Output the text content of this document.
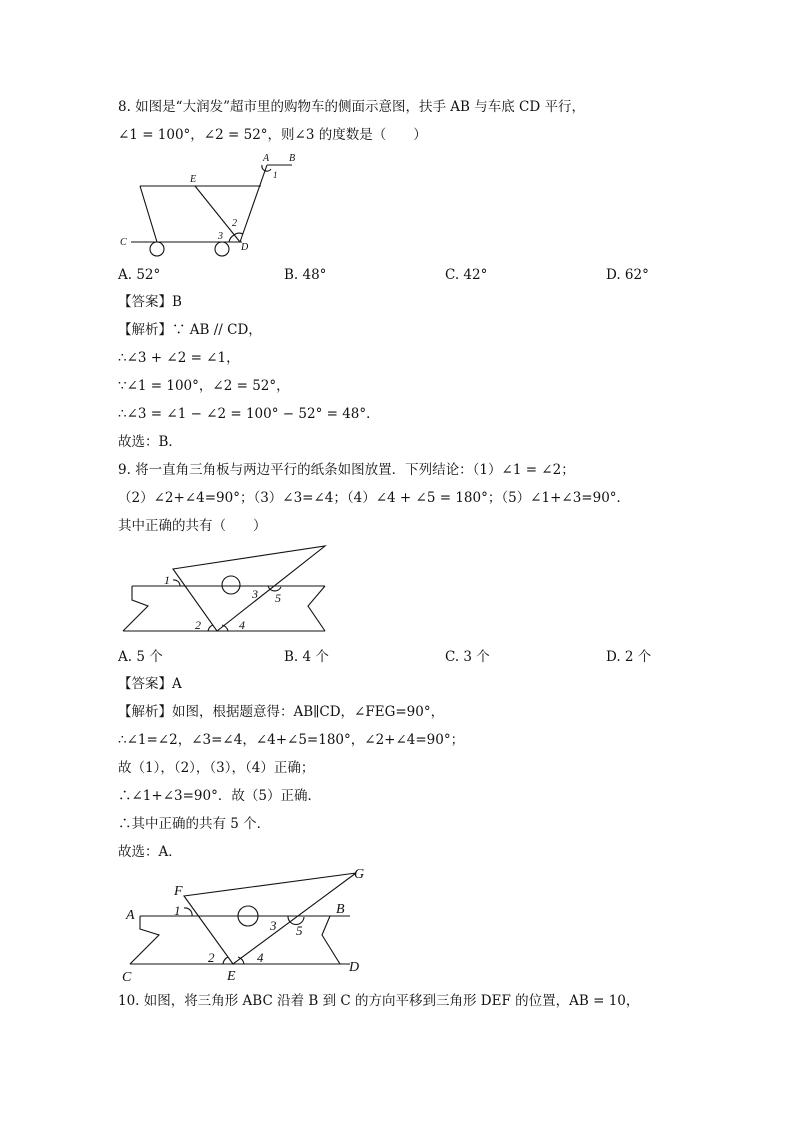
8. 如图是“大润发”超市里的购物车的侧面示意图，扶手 AB 与车底 CD 平行，
∠1 = 100°，∠2 = 52°，则∠3 的度数是（　　）
A B
1
E
2
3
C	D
A. 52°	B. 48°	C. 42°	D. 62°
【答案】B
【解析】∵ AB // CD，
∴∠3 + ∠2 = ∠1，
∵∠1 = 100°，∠2 = 52°，
∴∠3 = ∠1 − ∠2 = 100° − 52° = 48°．
故选：B．
9. 将一直角三角板与两边平行的纸条如图放置．下列结论：（1）∠1 = ∠2；
（2）∠2+∠4=90°；（3）∠3=∠4；（4）∠4 + ∠5 = 180°；（5）∠1+∠3=90°．
其中正确的共有（　　）
1
2
3
4
5
A. 5 个	B. 4 个	C. 3 个	D. 2 个
【答案】A
【解析】如图，根据题意得：AB∥CD，∠FEG=90°，
∴∠1=∠2，∠3=∠4，∠4+∠5=180°，∠2+∠4=90°；
故（1），（2），（3），（4）正确；
∴∠1+∠3=90°．故（5）正确．
∴其中正确的共有 5 个．
故选：A．
F
G
A	B
C
D
E
1
2
3
4
5
10. 如图，将三角形 ABC 沿着 B 到 C 的方向平移到三角形 DEF 的位置，AB = 10，
